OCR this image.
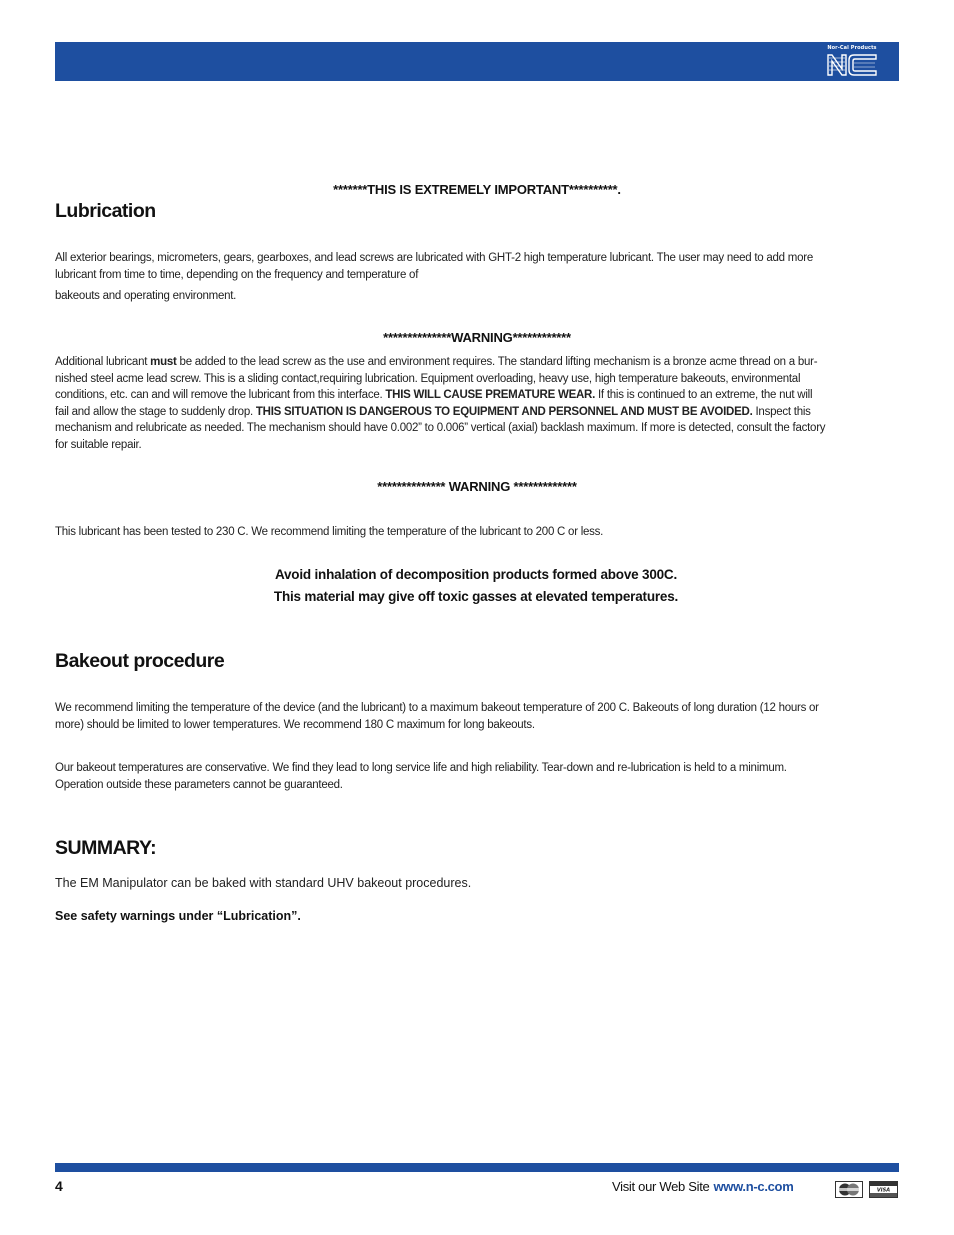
Nor-Cal Products
*******THIS IS EXTREMELY IMPORTANT**********.
Lubrication
All exterior bearings, micrometers, gears, gearboxes, and lead screws are lubricated with GHT-2 high temperature lubricant. The user may need to add more
lubricant from time to time, depending on the frequency and temperature of
bakeouts and operating environment.
**************WARNING************
Additional lubricant must be added to the lead screw as the use and environment requires. The standard lifting mechanism is a bronze acme thread on a bur-
nished steel acme lead screw. This is a sliding contact,requiring lubrication. Equipment overloading, heavy use, high temperature bakeouts, environmental
conditions, etc. can and will remove the lubricant from this interface. THIS WILL CAUSE PREMATURE WEAR. If this is continued to an extreme, the nut will
fail and allow the stage to suddenly drop. THIS SITUATION IS DANGEROUS TO EQUIPMENT AND PERSONNEL AND MUST BE AVOIDED. Inspect this
mechanism and relubricate as needed. The mechanism should have 0.002” to 0.006” vertical (axial) backlash maximum. If more is detected, consult the factory
for suitable repair.
************** WARNING *************
This lubricant has been tested to 230 C. We recommend limiting the temperature of the lubricant to 200 C or less.
Avoid inhalation of decomposition products formed above 300C.
This material may give off toxic gasses at elevated temperatures.
Bakeout procedure
We recommend limiting the temperature of the device (and the lubricant) to a maximum bakeout temperature of 200 C. Bakeouts of long duration (12 hours or
more) should be limited to lower temperatures. We recommend 180 C maximum for long bakeouts.
Our bakeout temperatures are conservative. We find they lead to long service life and high reliability. Tear-down and re-lubrication is held to a minimum.
Operation outside these parameters cannot be guaranteed.
SUMMARY:
The EM Manipulator can be baked with standard UHV bakeout procedures.
See safety warnings under “Lubrication”.
4	Visit our Web Site www.n-c.com	VISA
